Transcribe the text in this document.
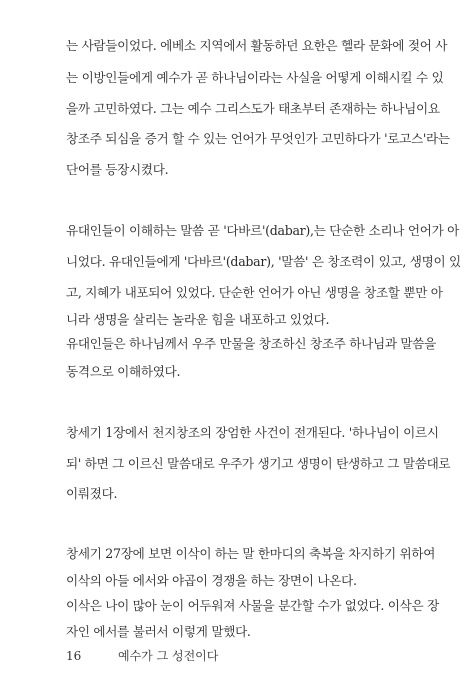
는 사람들이었다. 에베소 지역에서 활동하던 요한은 헬라 문화에 젖어 사
는 이방인들에게 예수가 곧 하나님이라는 사실을 어떻게 이해시킬 수 있
을까 고민하였다. 그는 예수 그리스도가 태초부터 존재하는 하나님이요
창조주 되심을 증거 할 수 있는 언어가 무엇인가 고민하다가 '로고스'라는
단어를 등장시켰다.
유대인들이 이해하는 말씀 곧 '다바르'(dabar),는 단순한 소리나 언어가 아
니었다. 유대인들에게 '다바르'(dabar), '말씀' 은 창조력이 있고, 생명이 있
고, 지혜가 내포되어 있었다. 단순한 언어가 아닌 생명을 창조할 뿐만 아
니라 생명을 살리는 놀라운 힘을 내포하고 있었다.
유대인들은 하나님께서 우주 만물을 창조하신 창조주 하나님과 말씀을
동격으로 이해하였다.
창세기 1장에서 천지창조의 장엄한 사건이 전개된다. '하나님이 이르시
되' 하면 그 이르신 말씀대로 우주가 생기고 생명이 탄생하고 그 말씀대로
이뤄졌다.
창세기 27장에 보면 이삭이 하는 말 한마디의 축복을 차지하기 위하여
이삭의 아들 에서와 야곱이 경쟁을 하는 장면이 나온다.
이삭은 나이 많아 눈이 어두워져 사물을 분간할 수가 없었다. 이삭은 장
자인 에서를 불러서 이렇게 말했다.
16	예수가 그 성전이다
